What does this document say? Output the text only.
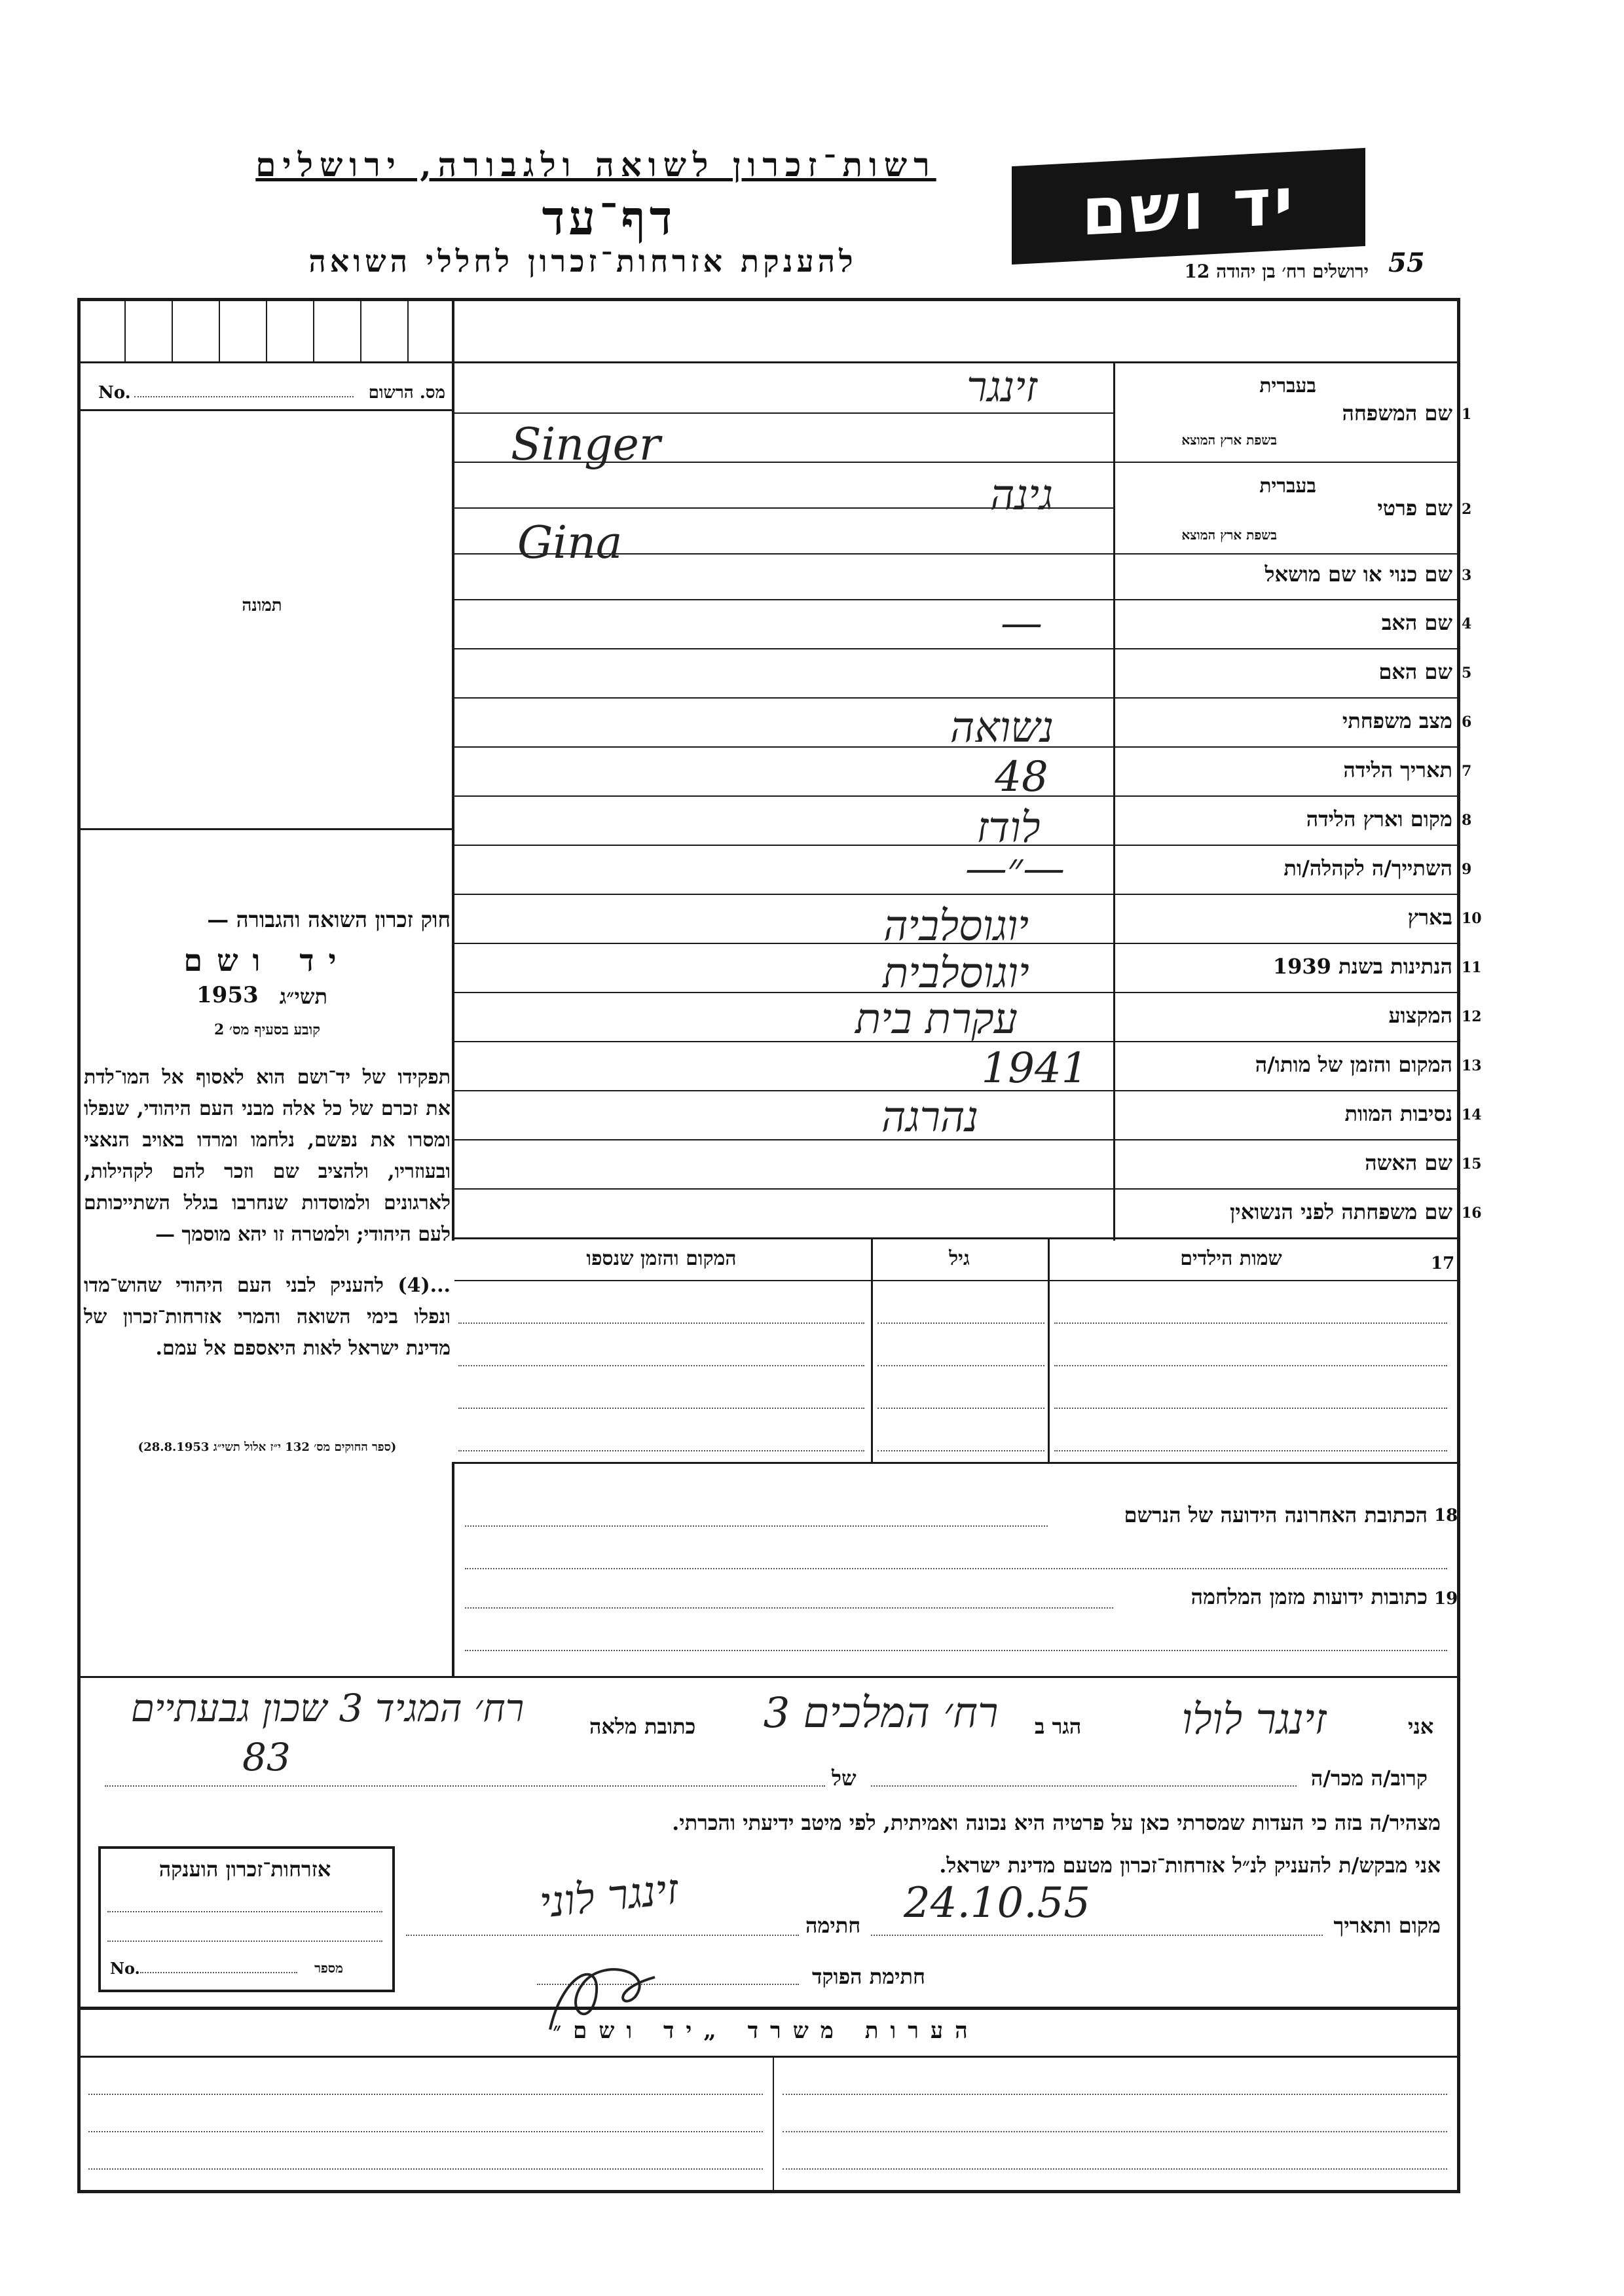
רשות־זכרון לשואה ולגבורה, ירושלים
דף־עד
להענקת אזרחות־זכרון לחללי השואה
יד ושם
ירושלים רח׳ בן יהודה 12 55
No.	מס. הרשום
תמונה
חוק זכרון השואה והגבורה —
יד ושם
תשי״ג
1953
קובע בסעיף מס׳ 2
תפקידו של יד־ושם הוא לאסוף אל המו־לדת את זכרם של כל אלה מבני העם היהודי, שנפלו ומסרו את נפשם, נלחמו ומרדו באויב הנאצי ובעוזריו, ולהציב שם וזכר להם לקהילות, לארגונים ולמוסדות שנחרבו בגלל השתייכותם לעם היהודי; ולמטרה זו יהא מוסמך —
...(4) להעניק לבני העם היהודי שהוש־מדו ונפלו בימי השואה והמרי אזרחות־זכרון של מדינת ישראל לאות היאספם אל עמם.
(ספר החוקים מס׳ 132 י״ז אלול תשי״ג 28.8.1953)
שם המשפחה 1
בעברית
בשפת ארץ המוצא
זינגר
Singer
שם פרטי 2
בעברית
בשפת ארץ המוצא
גינה
Gina
שם כנוי או שם מושאל 3
שם האב 4
—
שם האם 5
מצב משפחתי 6
נשואה
תאריך הלידה 7
48
מקום וארץ הלידה 8
לודז
השתייך/ה לקהלה/ות 9
—״—
בארץ 10
יוגוסלביה
הנתינות בשנת 1939 11
יוגוסלבית
המקצוע 12
עקרת בית
המקום והזמן של מותו/ה 13
1941
נסיבות המוות 14
נהרגה
שם האשה 15
שם משפחתה לפני הנשואין 16
המקום והזמן שנספו	גיל	שמות הילדים	17
הכתובת האחרונה הידועה של הנרשם 18
כתובות ידועות מזמן המלחמה 19
אני
זינגר לולו
הגר ב
רח׳ המלכים 3
כתובת מלאה
רח׳ המגיד 3 שכון גבעתיים
83	קרוב/ה מכר/ה
של
מצהיר/ה בזה כי העדות שמסרתי כאן על פרטיה היא נכונה ואמיתית, לפי מיטב ידיעתי והכרתי.
אני מבקש/ת להעניק לנ״ל אזרחות־זכרון מטעם מדינת ישראל.
מקום ותאריך
24.10.55
חתימה
זינגר לוני
חתימת הפוקד
אזרחות־זכרון הוענקה
No.	מספר
הערות משרד „יד ושם״
